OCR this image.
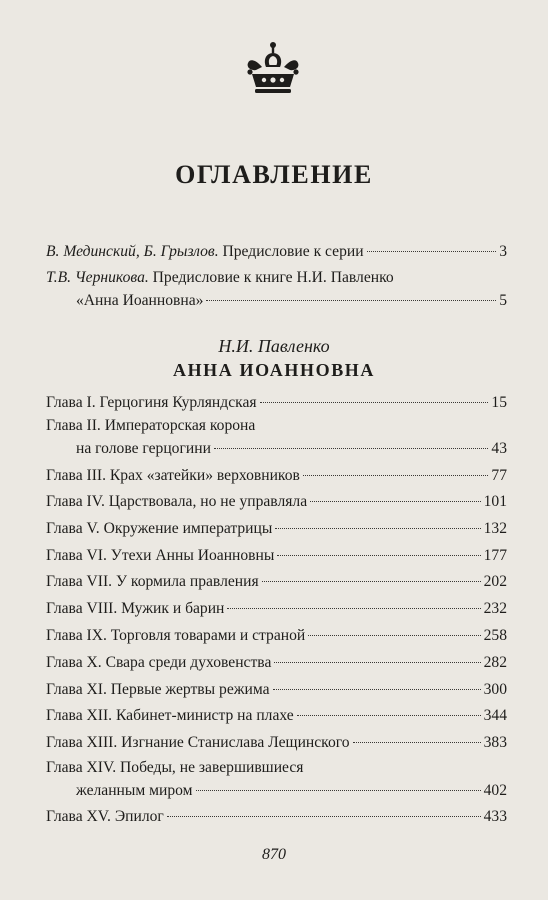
ОГЛАВЛЕНИЕ
В. Мединский, Б. Грызлов.
Предисловие к серии	3
Т.В. Черникова.
Предисловие к книге Н.И. Павленко
«Анна Иоанновна»	5
Н.И. Павленко
АННА ИОАННОВНА
Глава I. Герцогиня Курляндская	15
Глава II. Императорская корона
на голове герцогини	43
Глава III. Крах «затейки» верховников	77
Глава IV. Царствовала, но не управляла	101
Глава V. Окружение императрицы	132
Глава VI. Утехи Анны Иоанновны	177
Глава VII. У кормила правления	202
Глава VIII. Мужик и барин	232
Глава IX. Торговля товарами и страной	258
Глава X. Свара среди духовенства	282
Глава XI. Первые жертвы режима	300
Глава XII. Кабинет-министр на плахе	344
Глава XIII. Изгнание Станислава Лещинского	383
Глава XIV. Победы, не завершившиеся
желанным миром	402
Глава XV. Эпилог	433
870
